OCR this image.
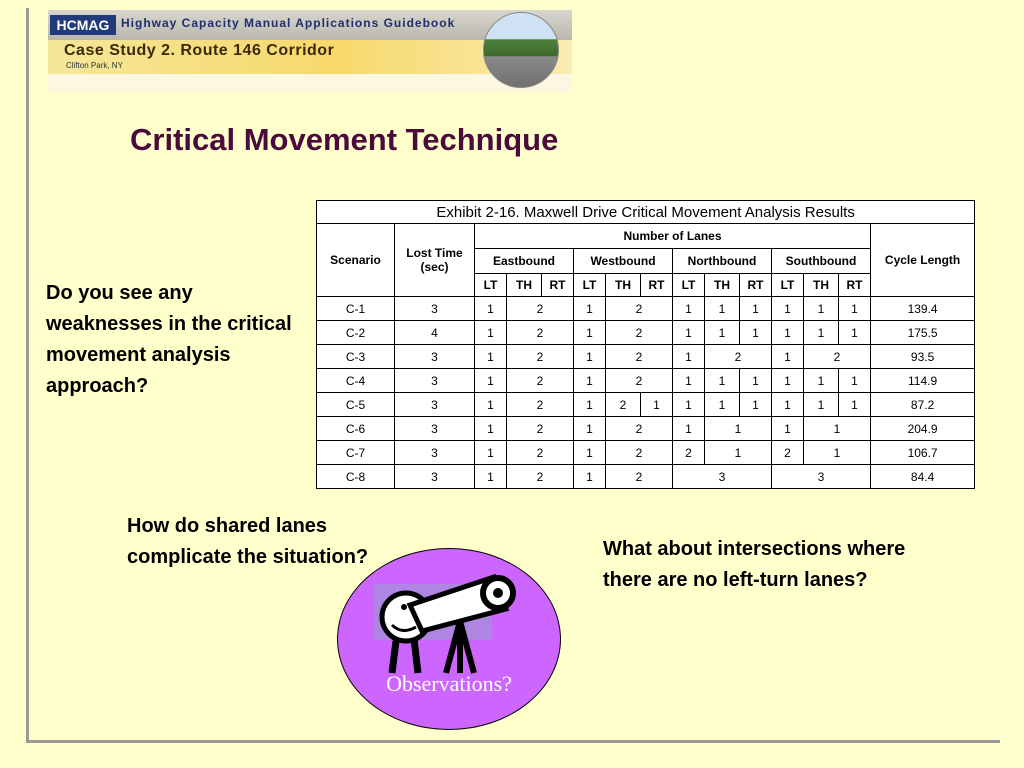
HCMAG Highway Capacity Manual Applications Guidebook
Case Study 2. Route 146 Corridor
Clifton Park, NY
Critical Movement Technique
Exhibit 2-16. Maxwell Drive Critical Movement Analysis Results														
Scenario	Lost Time (sec)	Number of Lanes												Cycle Length
		Eastbound			Westbound			Northbound			Southbound			
		LT	TH	RT	LT	TH	RT	LT	TH	RT	LT	TH	RT	
C-1	3	1	2		1	2		1	1	1	1	1	1	139.4
C-2	4	1	2		1	2		1	1	1	1	1	1	175.5
C-3	3	1	2		1	2		1	2		1	2		93.5
C-4	3	1	2		1	2		1	1	1	1	1	1	114.9
C-5	3	1	2		1	2	1	1	1	1	1	1	1	87.2
C-6	3	1	2		1	2		1	1		1	1		204.9
C-7	3	1	2		1	2		2	1		2	1		106.7
C-8	3	1	2		1	2		3			3			84.4
Do you see any weaknesses in the critical movement analysis approach?
How do shared lanes complicate the situation?	What about intersections where there are no left-turn lanes?
Observations?
